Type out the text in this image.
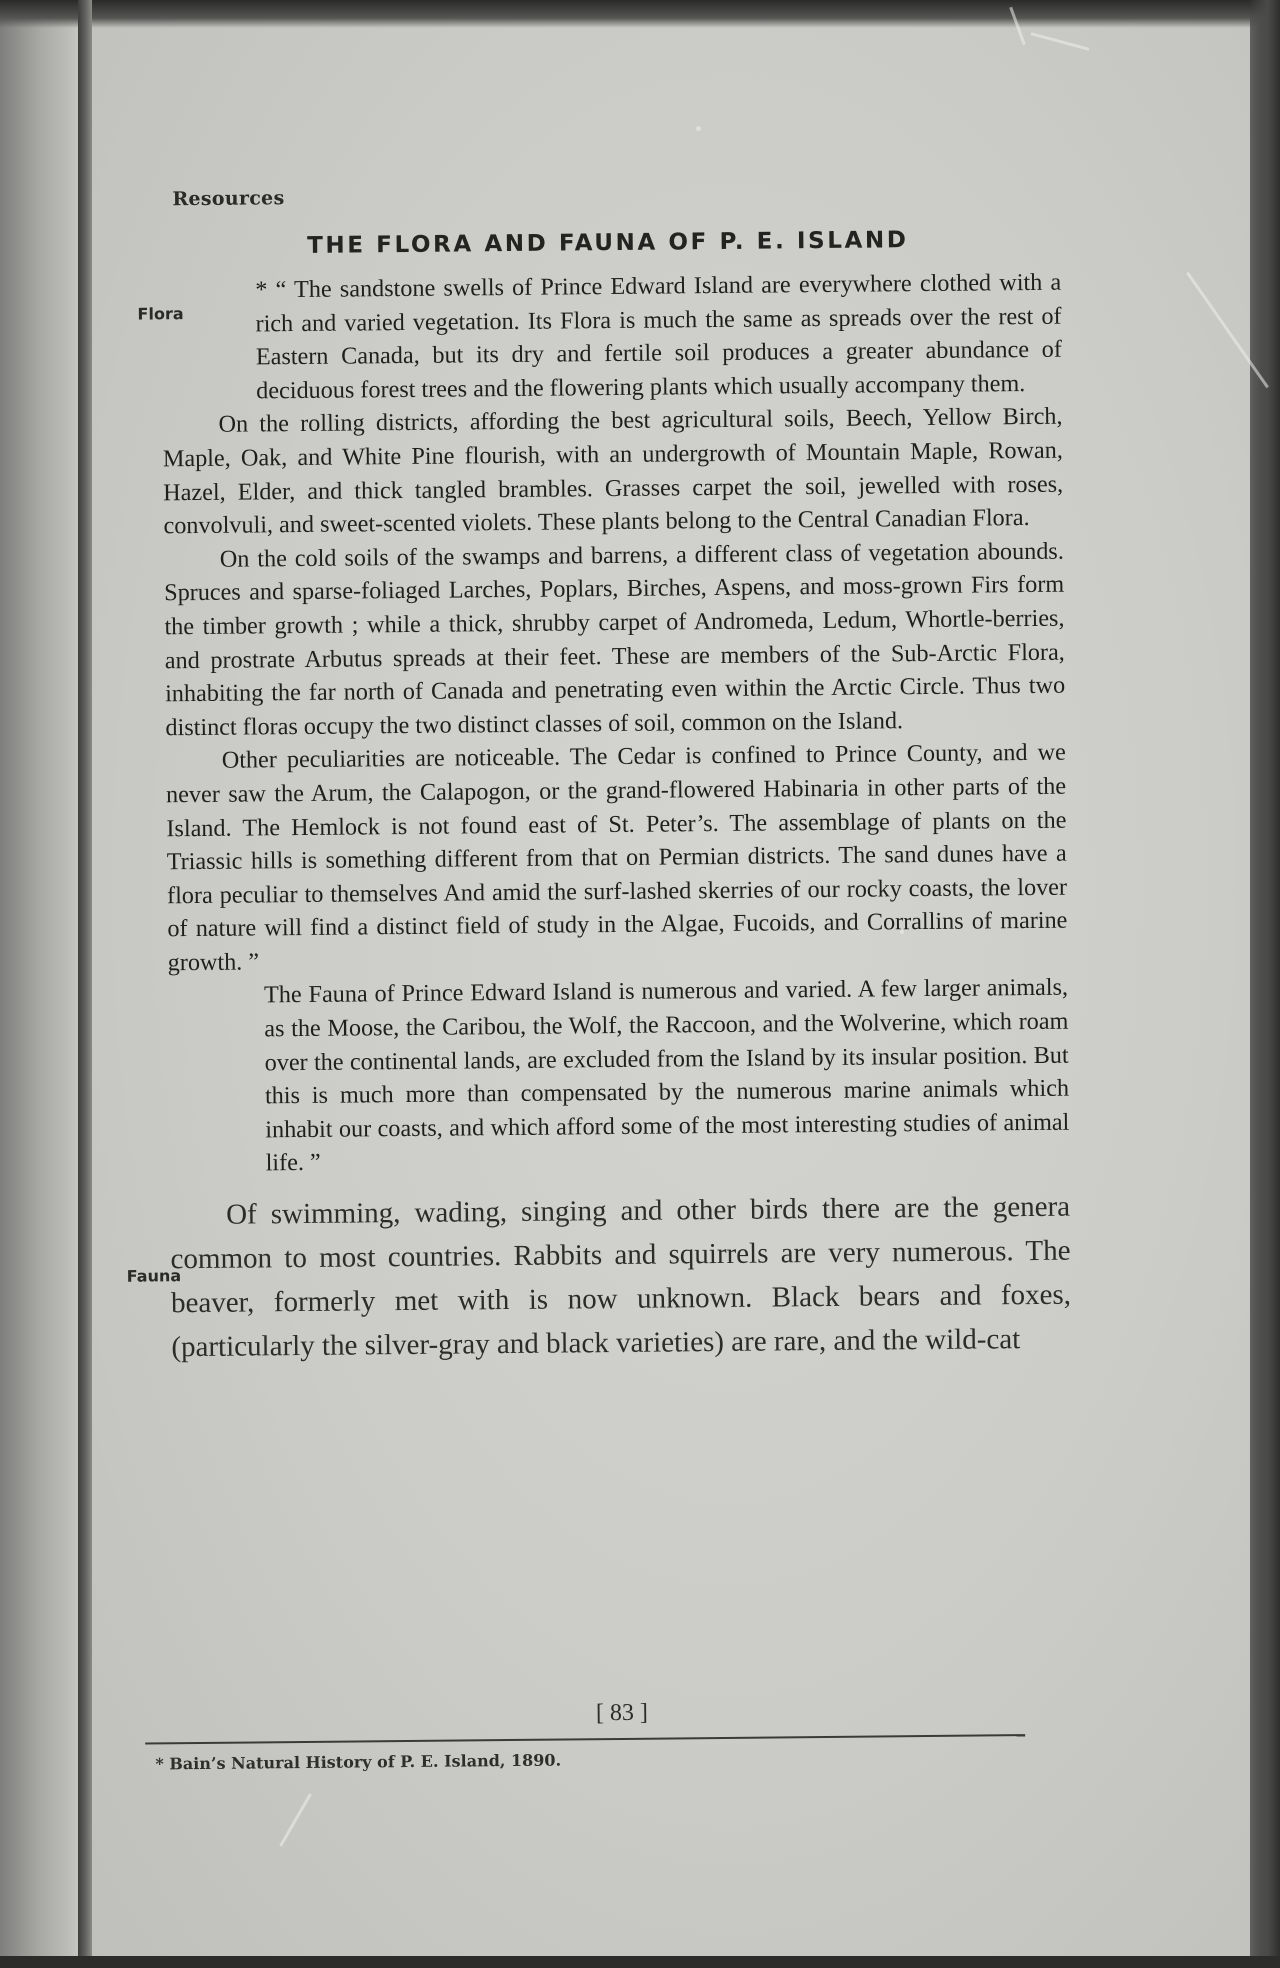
Resources
THE FLORA AND FAUNA OF P. E. ISLAND
Flora
Fauna

* “ The sandstone swells of Prince Edward Island are everywhere clothed with a rich and varied vegetation. Its Flora is much the same as spreads over the rest of Eastern Canada, but its dry and fertile soil produces a greater abundance of deciduous forest trees and the flowering plants which usually accompany them.

On the rolling districts, affording the best agricultural soils, Beech, Yellow Birch, Maple, Oak, and White Pine flourish, with an undergrowth of Mountain Maple, Rowan, Hazel, Elder, and thick tangled brambles. Grasses carpet the soil, jewelled with roses, convolvuli, and sweet-scented violets. These plants belong to the Central Canadian Flora.

On the cold soils of the swamps and barrens, a different class of vegetation abounds. Spruces and sparse-foliaged Larches, Poplars, Birches, Aspens, and moss-grown Firs form the timber growth ; while a thick, shrubby carpet of Andromeda, Ledum, Whortle-berries, and prostrate Arbutus spreads at their feet. These are members of the Sub-Arctic Flora, inhabiting the far north of Canada and penetrating even within the Arctic Circle. Thus two distinct floras occupy the two distinct classes of soil, common on the Island.

Other peculiarities are noticeable. The Cedar is confined to Prince County, and we never saw the Arum, the Calapogon, or the grand-flowered Habinaria in other parts of the Island. The Hemlock is not found east of St. Peter’s. The assemblage of plants on the Triassic hills is something different from that on Permian districts. The sand dunes have a flora peculiar to themselves And amid the surf-lashed skerries of our rocky coasts, the lover of nature will find a distinct field of study in the Algae, Fucoids, and Corrallins of marine growth. ”

The Fauna of Prince Edward Island is numerous and varied. A few larger animals, as the Moose, the Caribou, the Wolf, the Raccoon, and the Wolverine, which roam over the continental lands, are excluded from the Island by its insular position. But this is much more than compensated by the numerous marine animals which inhabit our coasts, and which afford some of the most interesting studies of animal life. ”

Of swimming, wading, singing and other birds there are the genera common to most countries. Rabbits and squirrels are very numerous. The beaver, formerly met with is now unknown. Black bears and foxes, (particularly the silver-gray and black varieties) are rare, and the wild-cat

[ 83 ]
* Bain’s Natural History of P. E. Island, 1890.
